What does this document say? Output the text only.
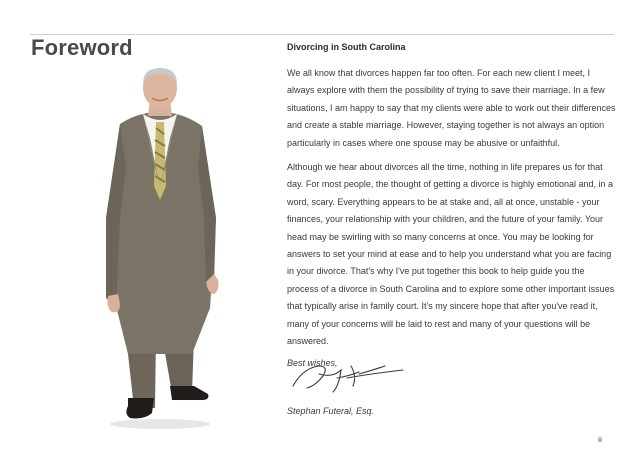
Foreword	Divorcing in South Carolina

We all know that divorces happen far too often. For each new client I meet, I always explore with them the possibility of trying to save their marriage. In a few situations, I am happy to say that my clients were able to work out their differences and create a stable marriage. However, staying together is not always an option particularly in cases where one spouse may be abusive or unfaithful.

Although we hear about divorces all the time, nothing in life prepares us for that day. For most people, the thought of getting a divorce is highly emotional and, in a word, scary. Everything appears to be at stake and, all at once, unstable - your finances, your relationship with your children, and the future of your family. Your head may be swirling with so many concerns at once. You may be looking for answers to set your mind at ease and to help you understand what you are facing in your divorce. That's why I've put together this book to help guide you the process of a divorce in South Carolina and to explore some other important issues that typically arise in family court. It's my sincere hope that after you've read it, many of your concerns will be laid to rest and many of your questions will be answered.

Best wishes,

Stephan Futeral, Esq.
ii
